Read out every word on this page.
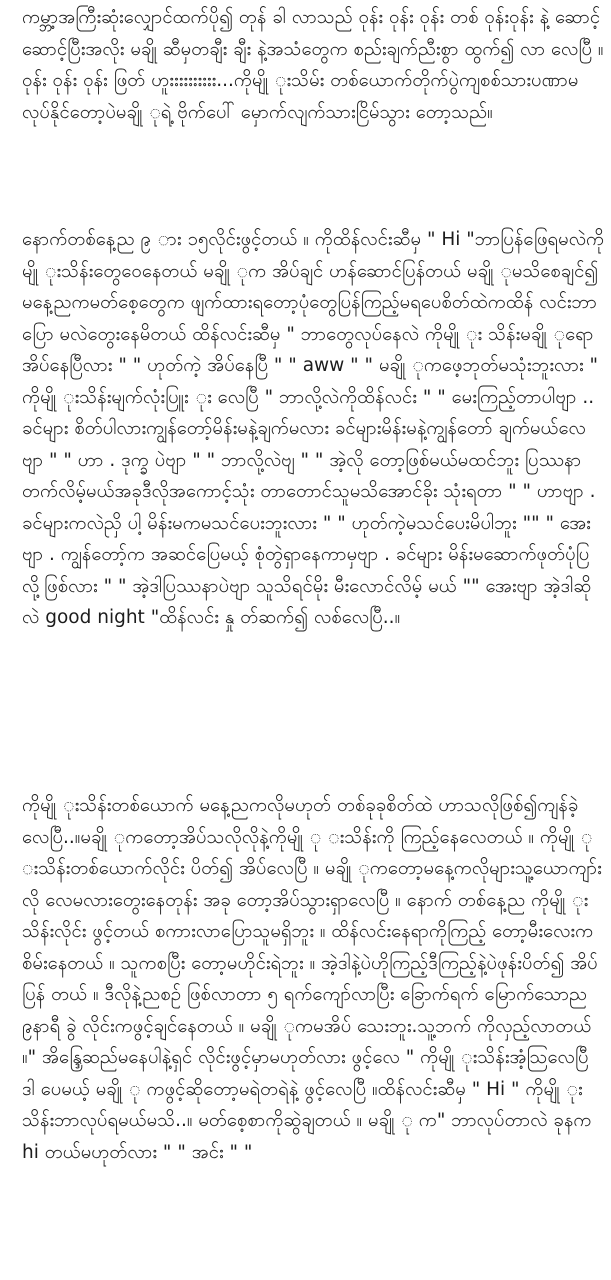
ကမ္ဘာ့အကြီးဆုံးလျှောင်ထက်ပို၍ တုန် ခါ လာသည် ဝုန်း ဝုန်း ဝုန်း တစ် ဝုန်းဝုန်း နဲ့ ဆောင့်ဆောင့်ပြီးအလိုး မချို ဆီမှတချီး ချီး နဲ့အသံတွေက စည်းချက်ညီးစွာ ထွက်၍ လာ လေပြီ ။ ဝုန်း ဝုန်း ဝုန်း ဖြတ် ဟူးးးးးးးးးး...ကိုမျို ုးသိမ်း တစ်ယောက်တိုက်ပွဲကျစစ်သားပဏာမ လုပ်နိုင်တော့ပဲမချို ုရဲ့ ဗိုက်ပေါ် မှောက်လျက်သားငြိမ်သွား တော့သည်။

နောက်တစ်နေ့ည ၉ ား ၁၅လိုင်းဖွင့်တယ် ။ ကိုထိန်လင်းဆီမှ " Hi "ဘာပြန်ဖြေရမလဲကိုမျို ုးသိန်းတွေဝေနေတယ် မချို ုက အိပ်ချင် ဟန်ဆောင်ပြန်တယ် မချို ုမသိစေချင်၍ မနေ့ညကမတ်စေ့တွေက ဖျက်ထားရတော့ပုံတွေပြန်ကြည့်မရပေစိတ်ထဲကထိန် လင်းဘာပြော မလဲတွေးနေမိတယ် ထိန်လင်းဆီမှ " ဘာတွေလုပ်နေလဲ ကိုမျို ုး သိန်းမချို ုရော အိပ်နေပြီလား " " ဟုတ်ကဲ့ အိပ်နေပြီ " " aww " " မချို ုကဖေ့ဘုတ်မသုံးဘူးလား " ကိုမျို ုးသိန်းမျက်လုံးပြူး ုး လေပြီ " ဘာလို့လဲကိုထိန်လင်း " " မေးကြည့်တာပါဗျာ .. ခင်များ စိတ်ပါလားကျွန်တော့်မိန်းမနဲ့ချက်မလား ခင်များမိန်းမနဲ့ကျွန်တော် ချက်မယ်လေဗျာ " " ဟာ . ဒုက္ခ ပဲဗျာ " " ဘာလို့လဲဗျ " " အဲ့လို တော့ဖြစ်မယ်မထင်ဘူး ပြဿနာတက်လိမ့်မယ်အခုဒီလိုအကောင့်သုံး တာတောင်သူမသိအောင်ခိုး သုံးရတာ " " ဟာဗျာ . ခင်များကလဲညှိ ပါ့ မိန်းမကမသင်ပေးဘူးလား " " ဟုတ်ကဲ့မသင်ပေးမိပါဘူး "" " အေးဗျာ . ကျွန်တော့်က အဆင်ပြေမယ့် စုံတွဲရှာနေကာမှဗျာ . ခင်များ မိန်းမဆောက်ဖုတ်ပုံပြလို့ဖြစ်လား " " အဲ့ဒါပြဿနာပဲဗျာ သူသိရင်မိုး မီးလောင်လိမ့် မယ် "" အေးဗျာ အဲ့ဒါဆိုလဲ good night "ထိန်လင်း နှု တ်ဆက်၍ လစ်လေပြီ..။

ကိုမျို ုးသိန်းတစ်ယောက် မနေ့ညကလိုမဟုတ် တစ်ခုခုစိတ်ထဲ ဟာသလိုဖြစ်၍ကျန်ခဲ့လေပြီ..။မချို ုကတော့အိပ်သလိုလိုနဲ့ကိုမျို ု းသိန်းကို ကြည့်နေလေတယ် ။ ကိုမျို ု းသိန်းတစ်ယောက်လိုင်း ပိတ်၍ အိပ်လေပြီ ။ မချို ုကတော့မနေ့ကလိုများသူ့ယောကျာ်းလို လေမလားတွေးနေတုန်း အခု တော့အိပ်သွားရှာလေပြီ ။ နောက် တစ်နေ့ည ကိုမျို ုးသိန်းလိုင်း ဖွင့်တယ် စကားလာပြောသူမရှိဘူး ။ ထိန်လင်းနေရာကိုကြည့် တော့မီးလေးက စိမ်းနေတယ် ။ သူကစပြီး တော့မဟိုင်းရဲဘူး ။ အဲ့ဒါနဲ့ပဲဟိုကြည့်ဒီကြည့်နဲ့ပဲဖုန်းပိတ်၍ အိပ်ပြန် တယ် ။ ဒီလိုနဲ့ညစဉ် ဖြစ်လာတာ ၅ ရက်ကျော်လာပြီး ခြောက်ရက် မြောက်သောည ၉နာရီ ခွဲ လိုင်းကဖွင့်ချင်နေတယ် ။ မချို ုကမအိပ် သေးဘူး.သူ့ဘက် ကိုလှည့်လာတယ် ။" အိန္ဒြေဆည်မနေပါနဲ့ရှင် လိုင်းဖွင့်မှာမဟုတ်လား ဖွင့်လေ " ကိုမျို ုးသိန်းအံ့သြလေပြီ ဒါ ပေမယ့် မချို ု ကဖွင့်ဆိုတော့မရဲတရဲနဲ့ ဖွင့်လေပြီ ။ထိန်လင်းဆီမှ " Hi " ကိုမျို ုးသိန်းဘာလုပ်ရမယ်မသိ..။ မတ်စေ့စာကိုဆွဲချတယ် ။ မချို ု က" ဘာလုပ်တာလဲ ခုနက hi တယ်မဟုတ်လား " " အင်း " "
